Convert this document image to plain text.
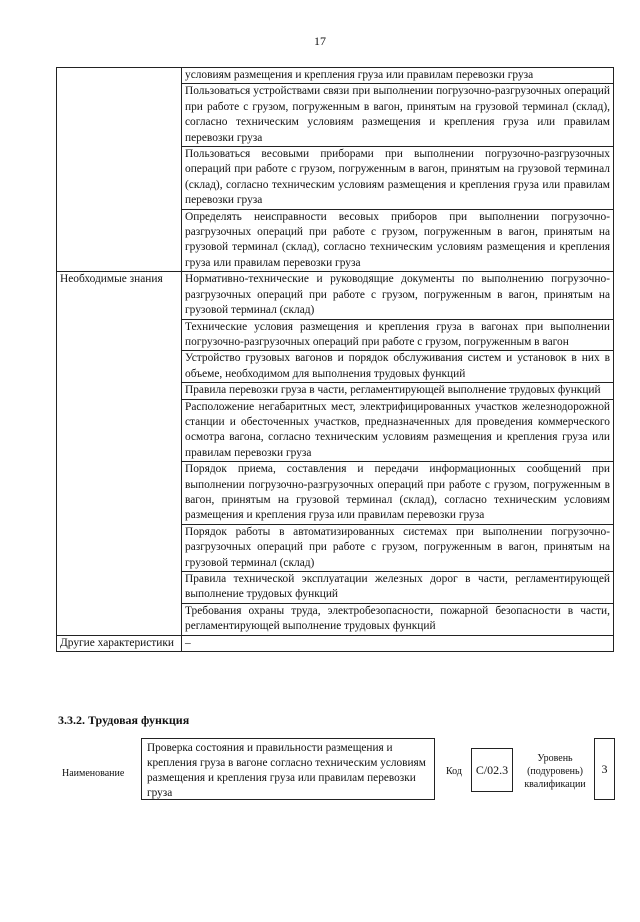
17
	условиям размещения и крепления груза или правилам перевозки груза
	Пользоваться устройствами связи при выполнении погрузочно-разгрузочных операций при работе с грузом, погруженным в вагон, принятым на грузовой терминал (склад), согласно техническим условиям размещения и крепления груза или правилам перевозки груза
	Пользоваться весовыми приборами при выполнении погрузочно-разгрузочных операций при работе с грузом, погруженным в вагон, принятым на грузовой терминал (склад), согласно техническим условиям размещения и крепления груза или правилам перевозки груза
	Определять неисправности весовых приборов при выполнении погрузочно-разгрузочных операций при работе с грузом, погруженным в вагон, принятым на грузовой терминал (склад), согласно техническим условиям размещения и крепления груза или правилам перевозки груза
Необходимые знания	Нормативно-технические и руководящие документы по выполнению погрузочно-разгрузочных операций при работе с грузом, погруженным в вагон, принятым на грузовой терминал (склад)
	Технические условия размещения и крепления груза в вагонах при выполнении погрузочно-разгрузочных операций при работе с грузом, погруженным в вагон
	Устройство грузовых вагонов и порядок обслуживания систем и установок в них в объеме, необходимом для выполнения трудовых функций
	Правила перевозки груза в части, регламентирующей выполнение трудовых функций
	Расположение негабаритных мест, электрифицированных участков железнодорожной станции и обесточенных участков, предназначенных для проведения коммерческого осмотра вагона, согласно техническим условиям размещения и крепления груза или правилам перевозки груза
	Порядок приема, составления и передачи информационных сообщений при выполнении погрузочно-разгрузочных операций при работе с грузом, погруженным в вагон, принятым на грузовой терминал (склад), согласно техническим условиям размещения и крепления груза или правилам перевозки груза
	Порядок работы в автоматизированных системах при выполнении погрузочно-разгрузочных операций при работе с грузом, погруженным в вагон, принятым на грузовой терминал (склад)
	Правила технической эксплуатации железных дорог в части, регламентирующей выполнение трудовых функций
	Требования охраны труда, электробезопасности, пожарной безопасности в части, регламентирующей выполнение трудовых функций
Другие характеристики	–
3.3.2. Трудовая функция
Наименование
Проверка состояния и правильности размещения и крепления груза в вагоне согласно техническим условиям размещения и крепления груза или правилам перевозки груза
Код	C/02.3
Уровень (подуровень) квалификации
3
